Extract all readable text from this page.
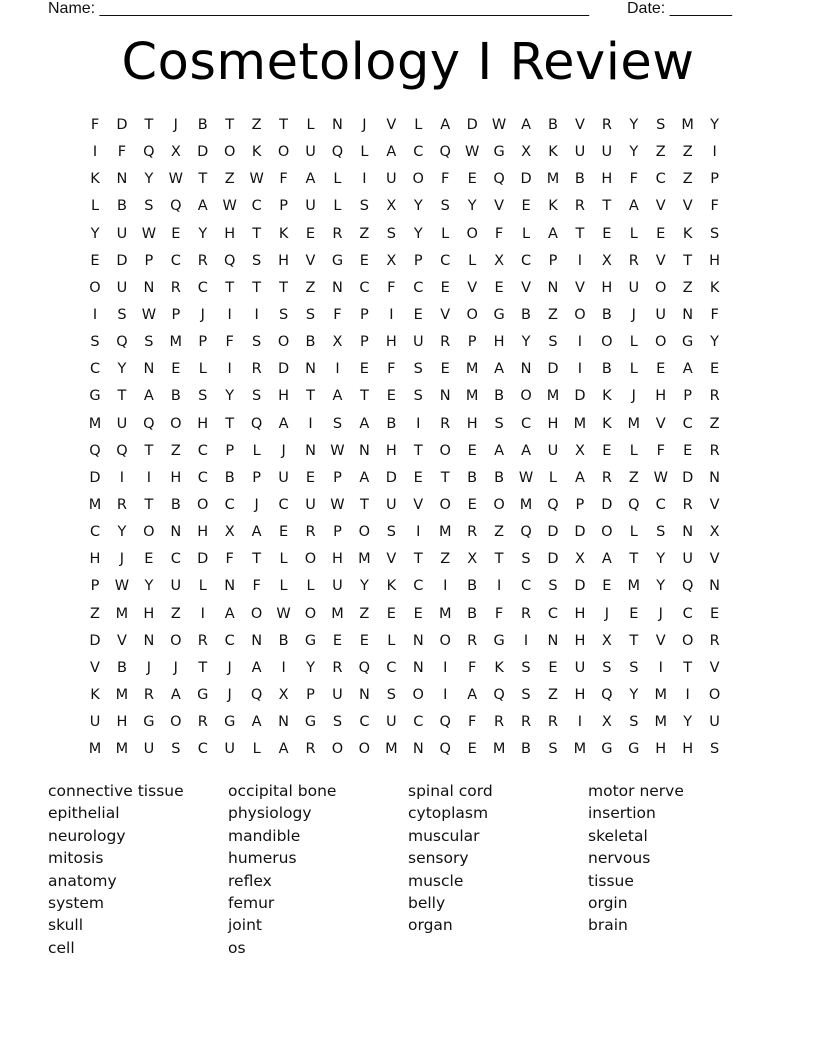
Name: _______________________________________________________ Date: _______
Cosmetology I Review
F	D	T	J	B	T	Z	T	L	N	J	V	L	A	D W	A	B	V	R	Y	S	M	Y
I	F	Q	X	D	O	K	O	U	Q	L	A	C	Q W G	X	K	U	U	Y	Z	Z	I
K	N	Y	W	T	Z	W	F	A	L	I	U	O	F	E	Q	D	M	B	H	F	C	Z	P
L	B	S	Q	A	W	C	P	U	L	S	X	Y	S	Y	V	E	K	R	T	A	V	V	F
Y	U W	E	Y	H	T	K	E	R	Z	S	Y	L	O	F	L	A	T	E	L	E	K	S
E	D	P	C	R	Q	S	H	V	G	E	X	P	C	L	X	C	P	I	X	R	V	T	H
O	U	N	R	C	T	T	T	Z	N	C	F	C	E	V	E	V	N	V	H	U	O	Z	K
I	S	W	P	J	I	I	S	S	F	P	I	E	V	O	G	B	Z	O	B	J	U	N	F
S	Q	S	M	P	F	S	O	B	X	P	H	U	R	P	H	Y	S	I	O	L	O	G	Y
C	Y	N	E	L	I	R	D	N	I	E	F	S	E	M	A	N	D	I	B	L	E	A	E
G	T	A	B	S	Y	S	H	T	A	T	E	S	N	M	B	O	M	D	K	J	H	P	R
M	U	Q	O	H	T	Q	A	I	S	A	B	I	R	H	S	C	H	M	K	M	V	C	Z
Q	Q	T	Z	C	P	L	J	N W N	H	T	O	E	A	A	U	X	E	L	F	E	R
D	I	I	H	C	B	P	U	E	P	A	D	E	T	B	B	W	L	A	R	Z	W D	N
M	R	T	B	O	C	J	C	U W	T	U	V	O	E	O	M	Q	P	D	Q	C	R	V
C	Y	O	N	H	X	A	E	R	P	O	S	I	M	R	Z	Q	D	D	O	L	S	N	X
H	J	E	C	D	F	T	L	O	H	M	V	T	Z	X	T	S	D	X	A	T	Y	U	V
P	W	Y	U	L	N	F	L	L	U	Y	K	C	I	B	I	C	S	D	E	M	Y	Q	N
Z	M	H	Z	I	A	O W O	M	Z	E	E	M	B	F	R	C	H	J	E	J	C	E
D	V	N	O	R	C	N	B	G	E	E	L	N	O	R	G	I	N	H	X	T	V	O	R
V	B	J	J	T	J	A	I	Y	R	Q	C	N	I	F	K	S	E	U	S	S	I	T	V
K	M	R	A	G	J	Q	X	P	U	N	S	O	I	A	Q	S	Z	H	Q	Y	M	I	O
U	H	G	O	R	G	A	N	G	S	C	U	C	Q	F	R	R	R	I	X	S	M	Y	U
M M	U	S	C	U	L	A	R	O	O	M	N	Q	E	M	B	S	M	G	G	H	H	S
connective tissue
epithelial
neurology
mitosis
anatomy
system
skull
cell
occipital bone
physiology
mandible
humerus
reflex
femur
joint
os
spinal cord
cytoplasm
muscular
sensory
muscle
belly
organ
motor nerve
insertion
skeletal
nervous
tissue
orgin
brain
